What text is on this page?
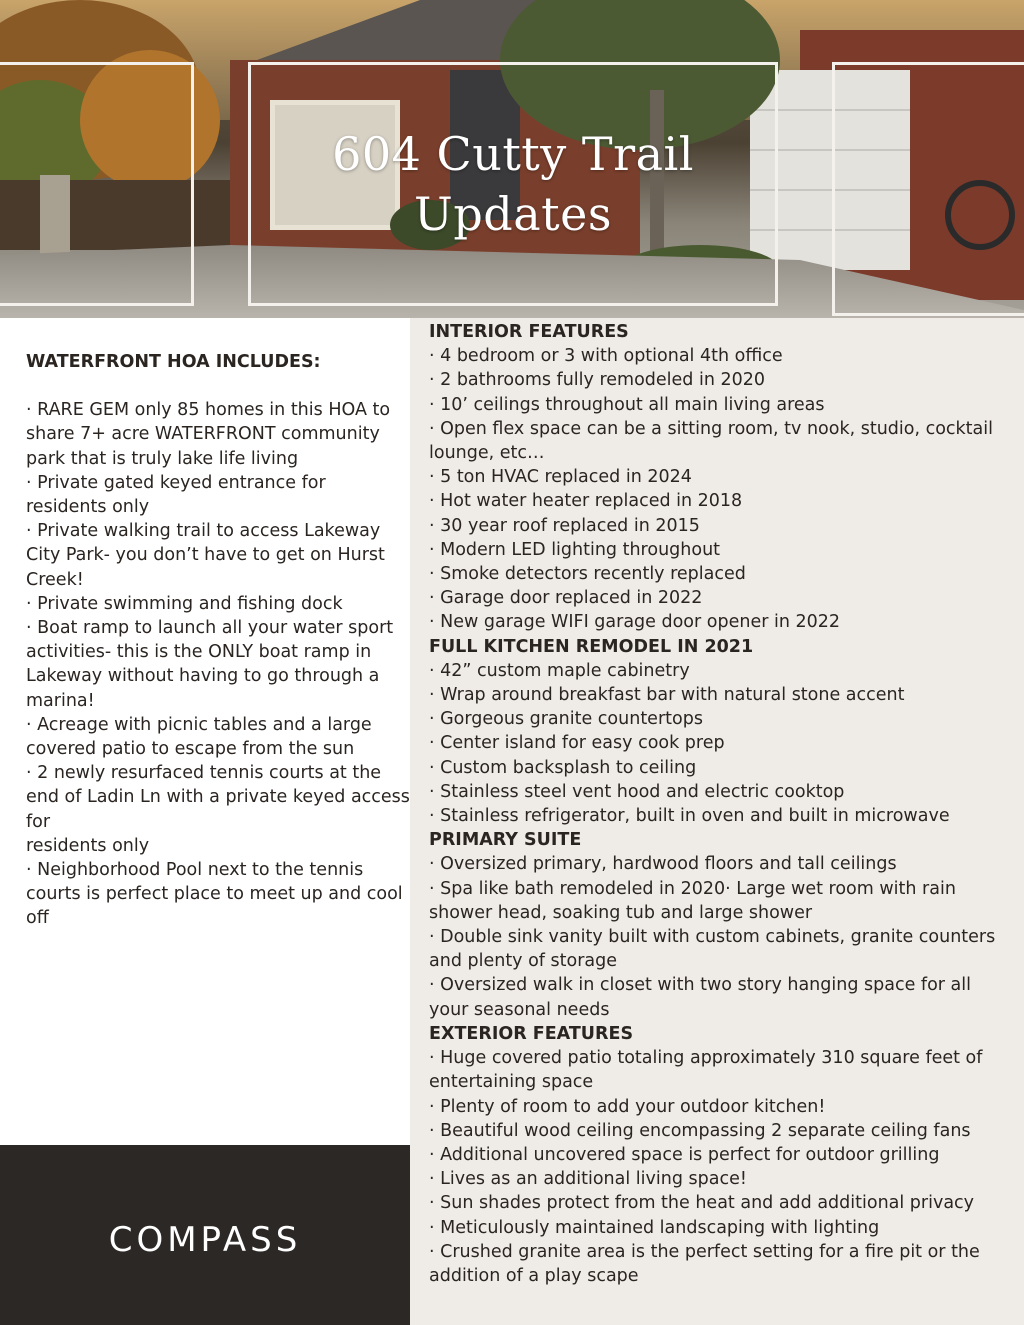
604 Cutty Trail
Updates
WATERFRONT HOA INCLUDES:

· RARE GEM only 85 homes in this HOA to share 7+ acre WATERFRONT community park that is truly lake life living

· Private gated keyed entrance for residents only

· Private walking trail to access Lakeway City Park- you don’t have to get on Hurst Creek!

· Private swimming and fishing dock

· Boat ramp to launch all your water sport activities- this is the ONLY boat ramp in Lakeway without having to go through a marina!

· Acreage with picnic tables and a large covered patio to escape from the sun

· 2 newly resurfaced tennis courts at the end of Ladin Ln with a private keyed access for

residents only

· Neighborhood Pool next to the tennis courts is perfect place to meet up and cool off

INTERIOR FEATURES

· 4 bedroom or 3 with optional 4th office

· 2 bathrooms fully remodeled in 2020

· 10’ ceilings throughout all main living areas

· Open flex space can be a sitting room, tv nook, studio, cocktail lounge, etc…

· 5 ton HVAC replaced in 2024

· Hot water heater replaced in 2018

· 30 year roof replaced in 2015

· Modern LED lighting throughout

· Smoke detectors recently replaced

· Garage door replaced in 2022

· New garage WIFI garage door opener in 2022

FULL KITCHEN REMODEL IN 2021

· 42” custom maple cabinetry

· Wrap around breakfast bar with natural stone accent

· Gorgeous granite countertops

· Center island for easy cook prep

· Custom backsplash to ceiling

· Stainless steel vent hood and electric cooktop

· Stainless refrigerator, built in oven and built in microwave

PRIMARY SUITE

· Oversized primary, hardwood floors and tall ceilings

· Spa like bath remodeled in 2020· Large wet room with rain shower head, soaking tub and large shower

· Double sink vanity built with custom cabinets, granite counters and plenty of storage

· Oversized walk in closet with two story hanging space for all your seasonal needs

EXTERIOR FEATURES

· Huge covered patio totaling approximately 310 square feet of entertaining space

· Plenty of room to add your outdoor kitchen!

· Beautiful wood ceiling encompassing 2 separate ceiling fans

· Additional uncovered space is perfect for outdoor grilling

· Lives as an additional living space!

· Sun shades protect from the heat and add additional privacy

· Meticulously maintained landscaping with lighting

· Crushed granite area is the perfect setting for a fire pit or the addition of a play scape

COMPASS
